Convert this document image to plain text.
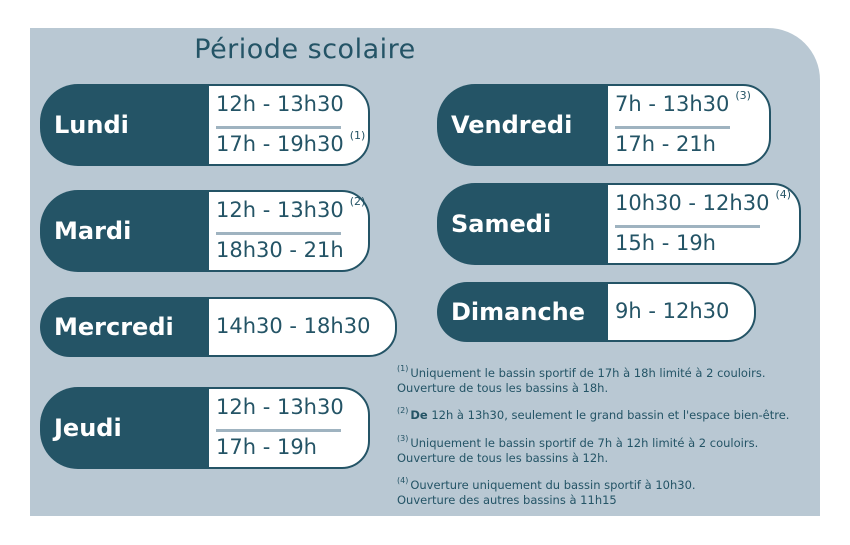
Période scolaire
Lundi
12h - 13h30
17h - 19h30 $^{(1)}$
Mardi
12h - 13h30 $^{(2)}$
18h30 - 21h
Mercredi	14h30 - 18h30
Jeudi
12h - 13h30
17h - 19h
Vendredi
7h - 13h30 $^{(3)}$
17h - 21h
Samedi
10h30 - 12h30 $^{(4)}$
15h - 19h
Dimanche	9h - 12h30
$^{(1)}$ Uniquement le bassin sportif de 17h à 18h limité à 2 couloirs.
Ouverture de tous les bassins à 18h.
$^{(2)}$ De 12h à 13h30, seulement le grand bassin et l'espace bien-être.
$^{(3)}$ Uniquement le bassin sportif de 7h à 12h limité à 2 couloirs.
Ouverture de tous les bassins à 12h.
$^{(4)}$ Ouverture uniquement du bassin sportif à 10h30.
Ouverture des autres bassins à 11h15
